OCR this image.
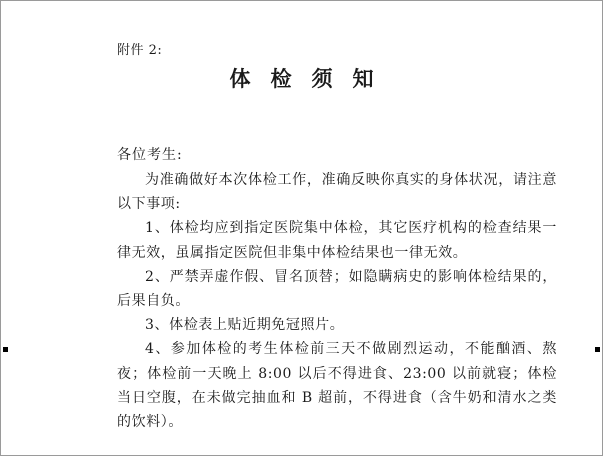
附件 2:
体检须知
各位考生:

为准确做好本次体检工作，准确反映你真实的身体状况，请注意以下事项:

1、体检均应到指定医院集中体检，其它医疗机构的检查结果一律无效，虽属指定医院但非集中体检结果也一律无效。

2、严禁弄虚作假、冒名顶替；如隐瞒病史的影响体检结果的，后果自负。

3、体检表上贴近期免冠照片。

4、参加体检的考生体检前三天不做剧烈运动，不能酗酒、熬夜；体检前一天晚上 8:00 以后不得进食、23:00 以前就寝；体检当日空腹，在未做完抽血和 B 超前，不得进食（含牛奶和清水之类的饮料）。
